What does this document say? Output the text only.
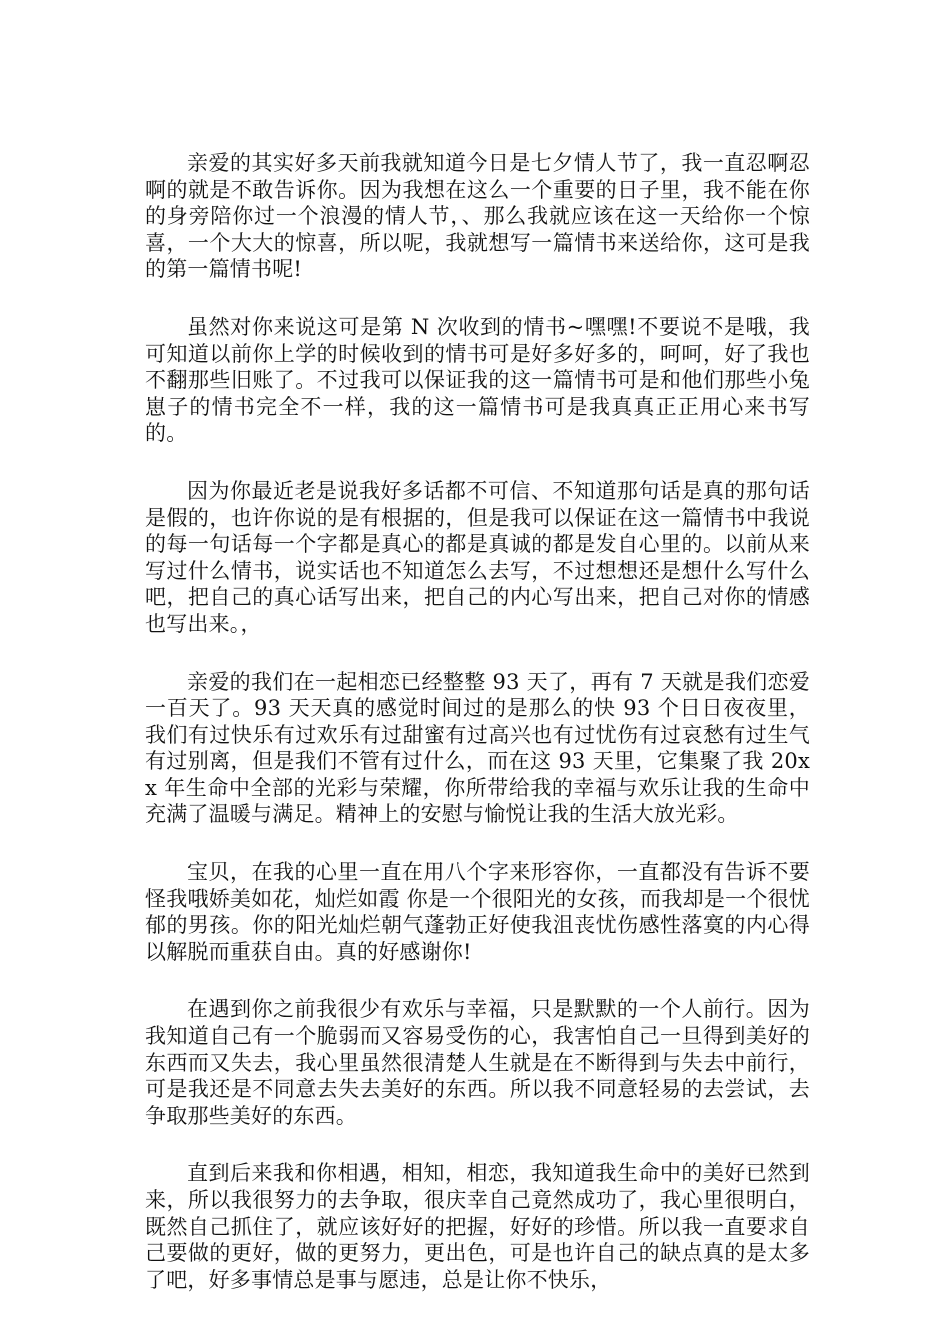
亲爱的其实好多天前我就知道今日是七夕情人节了，我一直忍啊忍啊的就是不敢告诉你。因为我想在这么一个重要的日子里，我不能在你的身旁陪你过一个浪漫的情人节，、那么我就应该在这一天给你一个惊喜，一个大大的惊喜，所以呢，我就想写一篇情书来送给你，这可是我的第一篇情书呢!

虽然对你来说这可是第 N 次收到的情书~嘿嘿!不要说不是哦，我可知道以前你上学的时候收到的情书可是好多好多的，呵呵，好了我也不翻那些旧账了。不过我可以保证我的这一篇情书可是和他们那些小兔崽子的情书完全不一样，我的这一篇情书可是我真真正正用心来书写的。

因为你最近老是说我好多话都不可信、不知道那句话是真的那句话是假的，也许你说的是有根据的，但是我可以保证在这一篇情书中我说的每一句话每一个字都是真心的都是真诚的都是发自心里的。以前从来写过什么情书，说实话也不知道怎么去写，不过想想还是想什么写什么吧，把自己的真心话写出来，把自己的内心写出来，把自己对你的情感也写出来。，

亲爱的我们在一起相恋已经整整 93 天了，再有 7 天就是我们恋爱一百天了。93 天天真的感觉时间过的是那么的快 93 个日日夜夜里，我们有过快乐有过欢乐有过甜蜜有过高兴也有过忧伤有过哀愁有过生气有过别离，但是我们不管有过什么，而在这 93 天里，它集聚了我 20xx 年生命中全部的光彩与荣耀，你所带给我的幸福与欢乐让我的生命中充满了温暖与满足。精神上的安慰与愉悦让我的生活大放光彩。

宝贝，在我的心里一直在用八个字来形容你，一直都没有告诉不要怪我哦娇美如花，灿烂如霞 你是一个很阳光的女孩，而我却是一个很忧郁的男孩。你的阳光灿烂朝气蓬勃正好使我沮丧忧伤感性落寞的内心得以解脱而重获自由。真的好感谢你!

在遇到你之前我很少有欢乐与幸福，只是默默的一个人前行。因为我知道自己有一个脆弱而又容易受伤的心，我害怕自己一旦得到美好的东西而又失去，我心里虽然很清楚人生就是在不断得到与失去中前行，可是我还是不同意去失去美好的东西。所以我不同意轻易的去尝试，去争取那些美好的东西。

直到后来我和你相遇，相知，相恋，我知道我生命中的美好已然到来，所以我很努力的去争取，很庆幸自己竟然成功了，我心里很明白，既然自己抓住了，就应该好好的把握，好好的珍惜。所以我一直要求自己要做的更好，做的更努力，更出色，可是也许自己的缺点真的是太多了吧，好多事情总是事与愿违，总是让你不快乐，
